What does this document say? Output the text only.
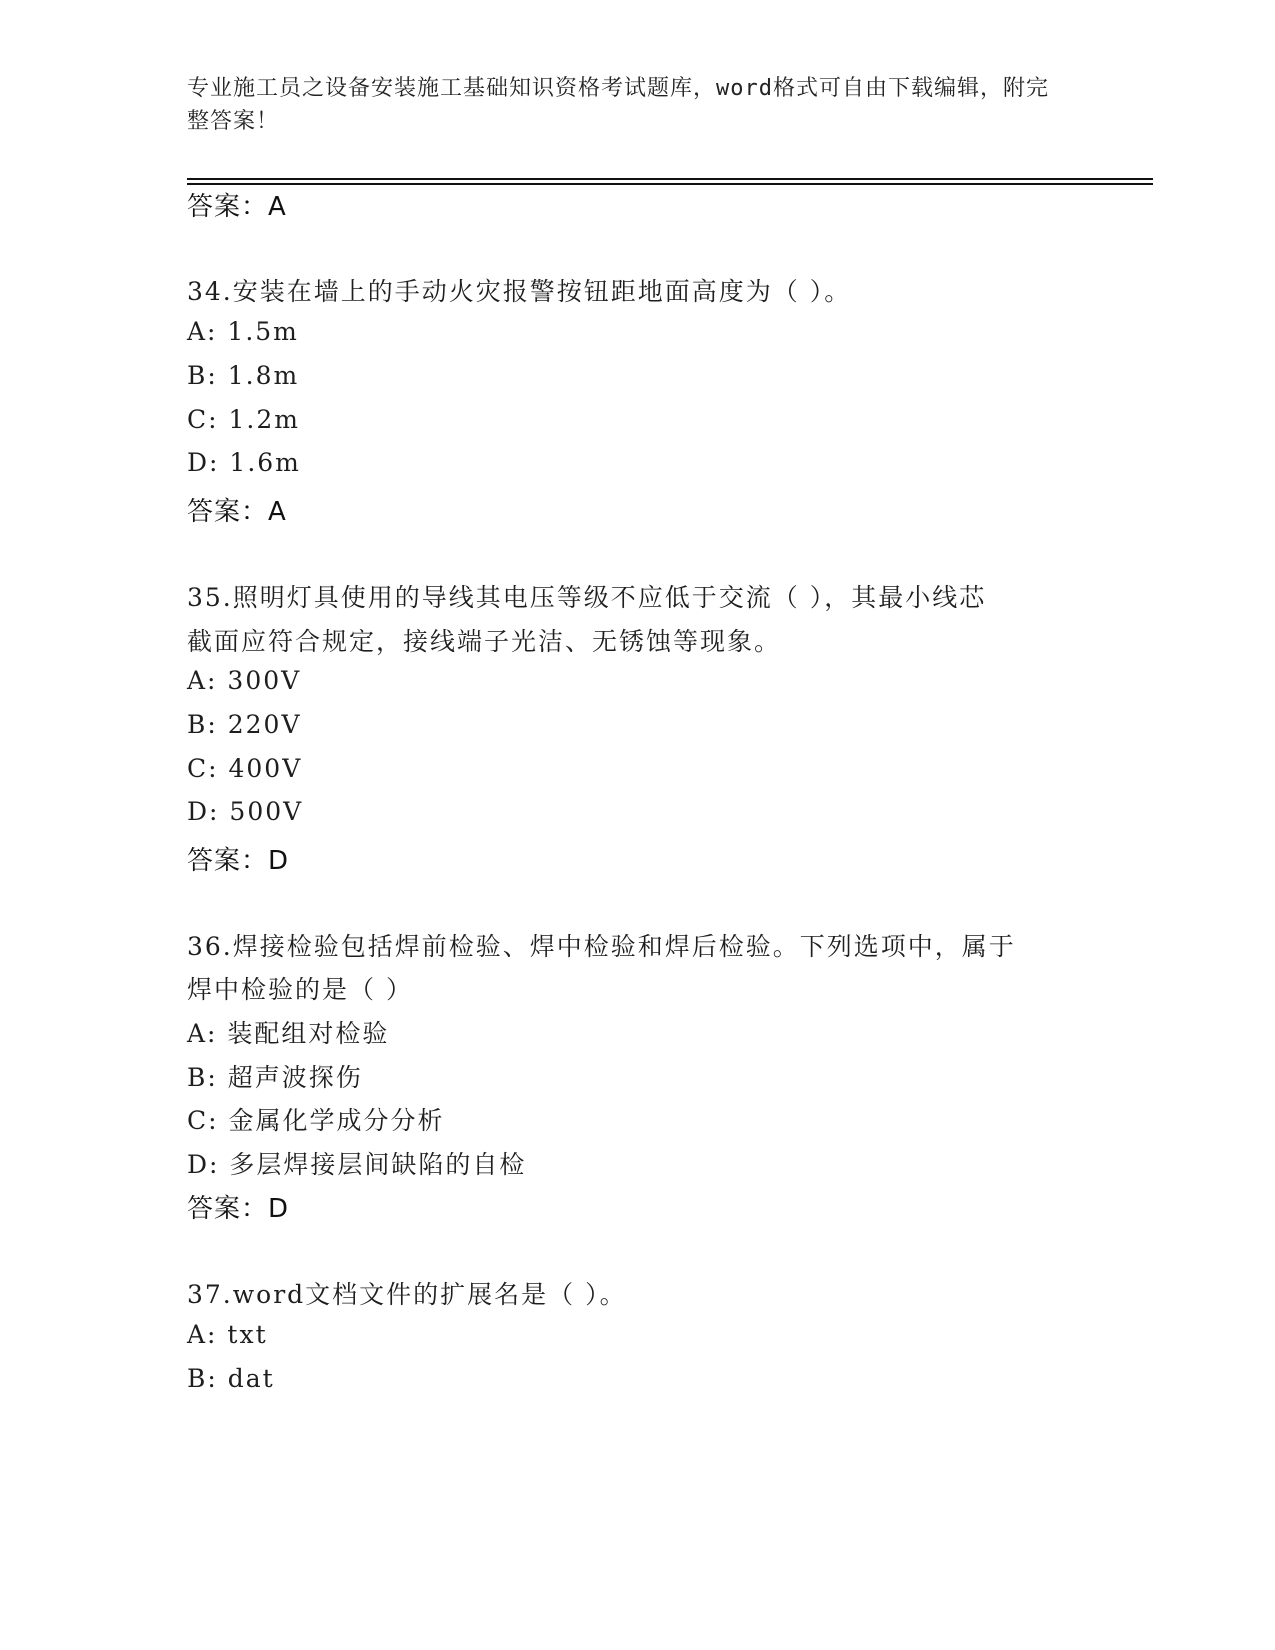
专业施工员之设备安装施工基础知识资格考试题库，word格式可自由下载编辑，附完整答案！
答案：A
34.安装在墙上的手动火灾报警按钮距地面高度为（ ）。
A: 1.5m
B: 1.8m
C: 1.2m
D: 1.6m
答案：A
35.照明灯具使用的导线其电压等级不应低于交流（ ），其最小线芯
截面应符合规定，接线端子光洁、无锈蚀等现象。
A: 300V
B: 220V
C: 400V
D: 500V
答案：D
36.焊接检验包括焊前检验、焊中检验和焊后检验。下列选项中，属于
焊中检验的是（ ）
A: 装配组对检验
B: 超声波探伤
C: 金属化学成分分析
D: 多层焊接层间缺陷的自检
答案：D
37.word文档文件的扩展名是（ ）。
A: txt
B: dat
